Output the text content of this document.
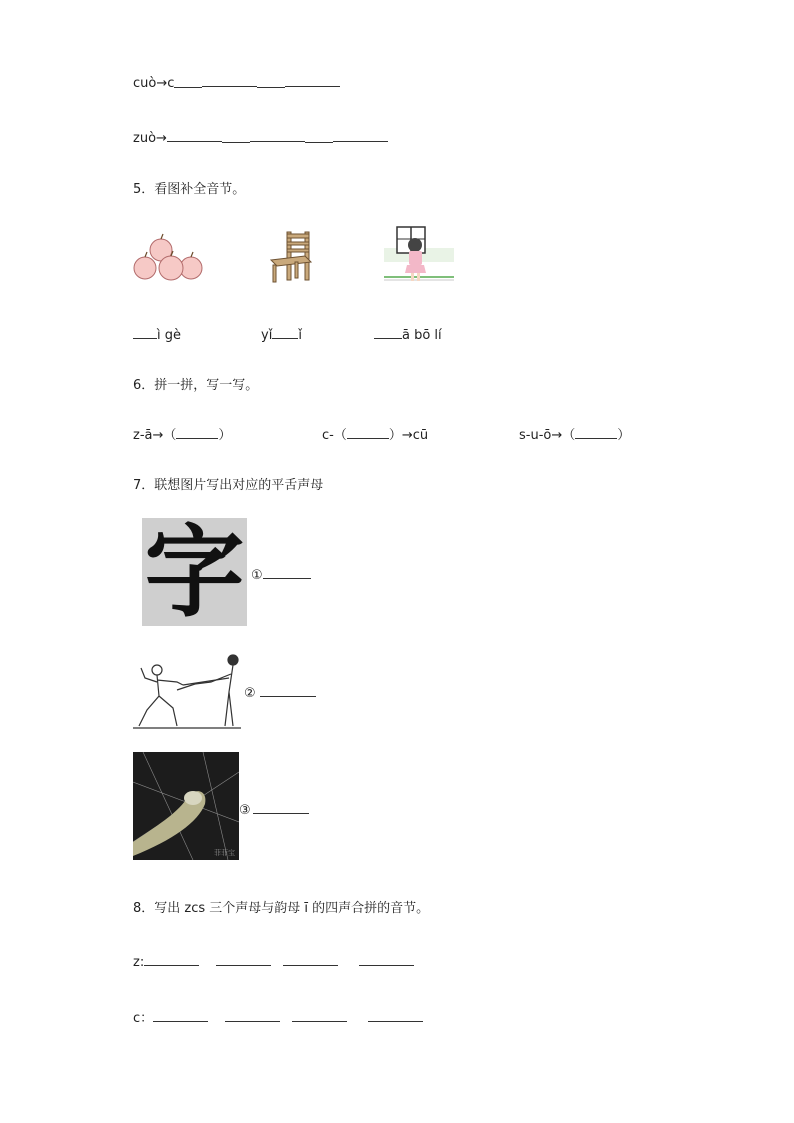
cuò→c
zuò→
5．看图补全音节。
ì gè	yǐ ǐ	ā bō lí
6．拼一拼，写一写。
z-ā→（	）	c-（	）→cū	s-u-ō→（	）
7．联想图片写出对应的平舌声母
字 ①
②
菲菲宝
③
8．写出 zcs 三个声母与韵母 ī 的四声合拼的音节。
z:
c：
